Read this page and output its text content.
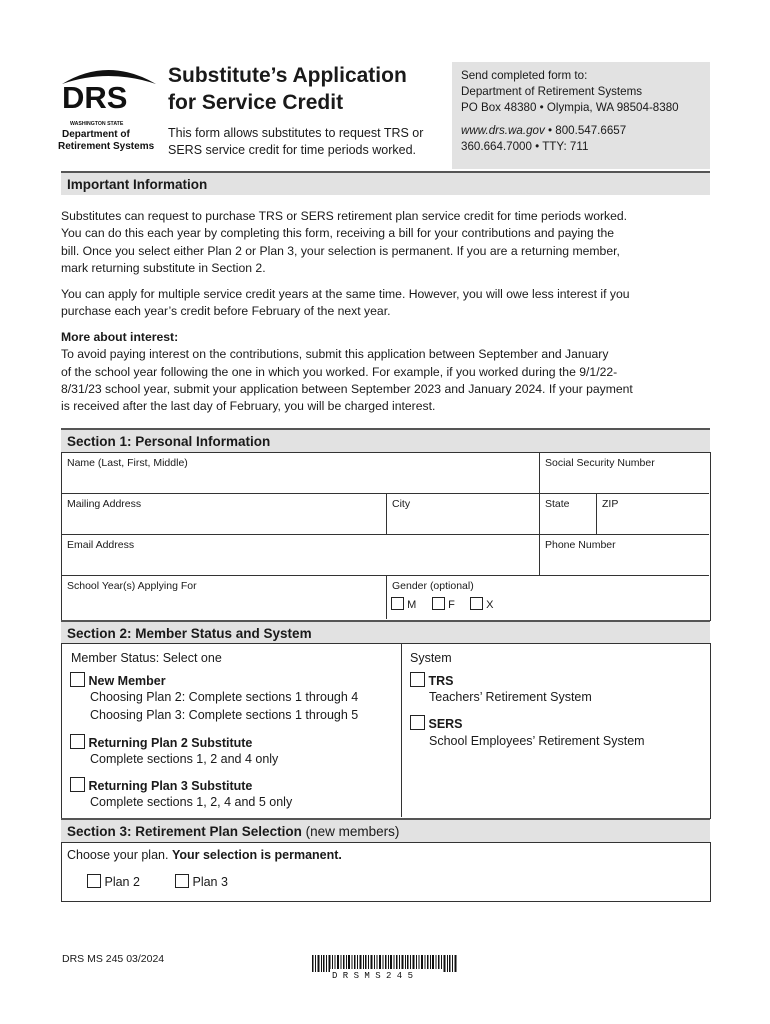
DRS
WASHINGTON STATE
Department of
Retirement Systems
Substitute’s Application
for Service Credit
This form allows substitutes to request TRS or
SERS service credit for time periods worked.
Send completed form to:
Department of Retirement Systems
PO Box 48380 • Olympia, WA 98504-8380
www.drs.wa.gov • 800.547.6657
360.664.7000 • TTY: 711
Important Information
Substitutes can request to purchase TRS or SERS retirement plan service credit for time periods worked.
You can do this each year by completing this form, receiving a bill for your contributions and paying the
bill. Once you select either Plan 2 or Plan 3, your selection is permanent. If you are a returning member,
mark returning substitute in Section 2.
You can apply for multiple service credit years at the same time. However, you will owe less interest if you
purchase each year’s credit before February of the next year.
More about interest:
To avoid paying interest on the contributions, submit this application between September and January
of the school year following the one in which you worked. For example, if you worked during the 9/1/22-
8/31/23 school year, submit your application between September 2023 and January 2024. If your payment
is received after the last day of February, you will be charged interest.
Section 1: Personal Information
Name (Last, First, Middle)	Social Security Number
Mailing Address	City	State	ZIP
Email Address	Phone Number
School Year(s) Applying For	Gender (optional)
M	F	X
Section 2: Member Status and System
Member Status: Select one
New Member
Choosing Plan 2: Complete sections 1 through 4
Choosing Plan 3: Complete sections 1 through 5
Returning Plan 2 Substitute
Complete sections 1, 2 and 4 only
Returning Plan 3 Substitute
Complete sections 1, 2, 4 and 5 only
System
TRS
Teachers’ Retirement System
SERS
School Employees’ Retirement System
Section 3: Retirement Plan Selection (new members)
Choose your plan. Your selection is permanent.
Plan 2	Plan 3
DRS MS 245 03/2024
D R S M S 2 4 5
